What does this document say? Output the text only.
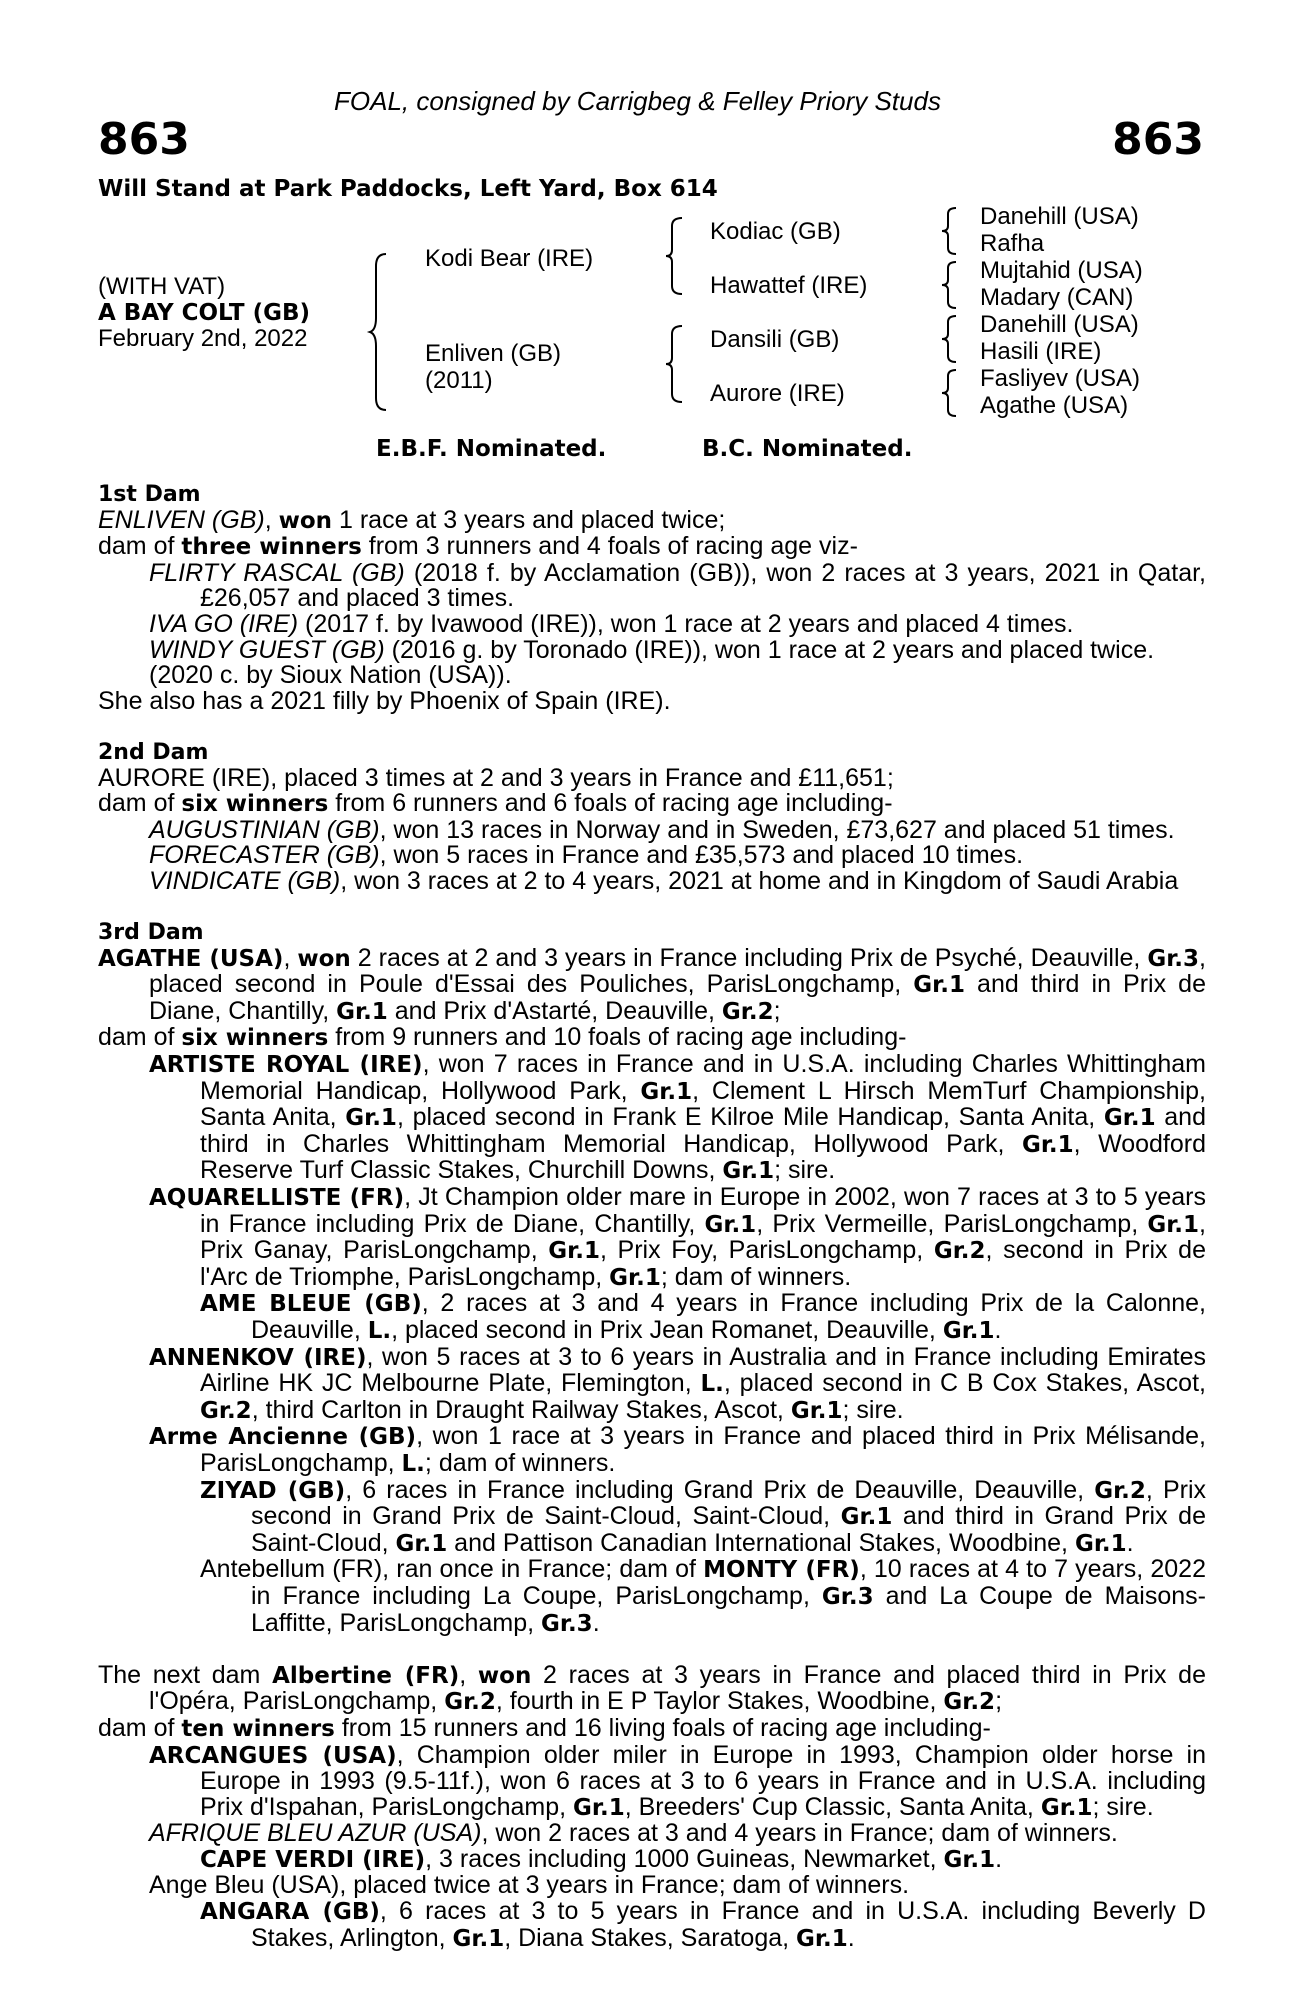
FOAL, consigned by Carrigbeg & Felley Priory Studs
863	863
Will Stand at Park Paddocks, Left Yard, Box 614
(WITH VAT)
A BAY COLT (GB)
February 2nd, 2022
Kodi Bear (IRE)
Enliven (GB)
(2011)
Kodiac (GB)
Hawattef (IRE)
Dansili (GB)
Aurore (IRE)
Danehill (USA)
Rafha
Mujtahid (USA)
Madary (CAN)
Danehill (USA)
Hasili (IRE)
Fasliyev (USA)
Agathe (USA)
E.B.F. Nominated.	B.C. Nominated.
1st Dam
ENLIVEN (GB), won 1 race at 3 years and placed twice;
dam of three winners from 3 runners and 4 foals of racing age viz-
FLIRTY RASCAL (GB) (2018 f. by Acclamation (GB)), won 2 races at 3 years, 2021 in Qatar, £26,057 and placed 3 times.
IVA GO (IRE) (2017 f. by Ivawood (IRE)), won 1 race at 2 years and placed 4 times.
WINDY GUEST (GB) (2016 g. by Toronado (IRE)), won 1 race at 2 years and placed twice.
(2020 c. by Sioux Nation (USA)).
She also has a 2021 filly by Phoenix of Spain (IRE).
2nd Dam
AURORE (IRE), placed 3 times at 2 and 3 years in France and £11,651;
dam of six winners from 6 runners and 6 foals of racing age including-
AUGUSTINIAN (GB), won 13 races in Norway and in Sweden, £73,627 and placed 51 times.
FORECASTER (GB), won 5 races in France and £35,573 and placed 10 times.
VINDICATE (GB), won 3 races at 2 to 4 years, 2021 at home and in Kingdom of Saudi Arabia
3rd Dam
AGATHE (USA), won 2 races at 2 and 3 years in France including Prix de Psyché, Deauville, Gr.3, placed second in Poule d'Essai des Pouliches, ParisLongchamp, Gr.1 and third in Prix de Diane, Chantilly, Gr.1 and Prix d'Astarté, Deauville, Gr.2;
dam of six winners from 9 runners and 10 foals of racing age including-
ARTISTE ROYAL (IRE), won 7 races in France and in U.S.A. including Charles Whittingham Memorial Handicap, Hollywood Park, Gr.1, Clement L Hirsch MemTurf Championship, Santa Anita, Gr.1, placed second in Frank E Kilroe Mile Handicap, Santa Anita, Gr.1 and third in Charles Whittingham Memorial Handicap, Hollywood Park, Gr.1, Woodford Reserve Turf Classic Stakes, Churchill Downs, Gr.1; sire.
AQUARELLISTE (FR), Jt Champion older mare in Europe in 2002, won 7 races at 3 to 5 years in France including Prix de Diane, Chantilly, Gr.1, Prix Vermeille, ParisLongchamp, Gr.1, Prix Ganay, ParisLongchamp, Gr.1, Prix Foy, ParisLongchamp, Gr.2, second in Prix de l'Arc de Triomphe, ParisLongchamp, Gr.1; dam of winners.
AME BLEUE (GB), 2 races at 3 and 4 years in France including Prix de la Calonne, Deauville, L., placed second in Prix Jean Romanet, Deauville, Gr.1.
ANNENKOV (IRE), won 5 races at 3 to 6 years in Australia and in France including Emirates Airline HK JC Melbourne Plate, Flemington, L., placed second in C B Cox Stakes, Ascot, Gr.2, third Carlton in Draught Railway Stakes, Ascot, Gr.1; sire.
Arme Ancienne (GB), won 1 race at 3 years in France and placed third in Prix Mélisande, ParisLongchamp, L.; dam of winners.
ZIYAD (GB), 6 races in France including Grand Prix de Deauville, Deauville, Gr.2, Prix second in Grand Prix de Saint-Cloud, Saint-Cloud, Gr.1 and third in Grand Prix de Saint-Cloud, Gr.1 and Pattison Canadian International Stakes, Woodbine, Gr.1.
Antebellum (FR), ran once in France; dam of MONTY (FR), 10 races at 4 to 7 years, 2022 in France including La Coupe, ParisLongchamp, Gr.3 and La Coupe de Maisons-Laffitte, ParisLongchamp, Gr.3.
The next dam Albertine (FR), won 2 races at 3 years in France and placed third in Prix de l'Opéra, ParisLongchamp, Gr.2, fourth in E P Taylor Stakes, Woodbine, Gr.2;
dam of ten winners from 15 runners and 16 living foals of racing age including-
ARCANGUES (USA), Champion older miler in Europe in 1993, Champion older horse in Europe in 1993 (9.5-11f.), won 6 races at 3 to 6 years in France and in U.S.A. including Prix d'Ispahan, ParisLongchamp, Gr.1, Breeders' Cup Classic, Santa Anita, Gr.1; sire.
AFRIQUE BLEU AZUR (USA), won 2 races at 3 and 4 years in France; dam of winners.
CAPE VERDI (IRE), 3 races including 1000 Guineas, Newmarket, Gr.1.
Ange Bleu (USA), placed twice at 3 years in France; dam of winners.
ANGARA (GB), 6 races at 3 to 5 years in France and in U.S.A. including Beverly D Stakes, Arlington, Gr.1, Diana Stakes, Saratoga, Gr.1.
